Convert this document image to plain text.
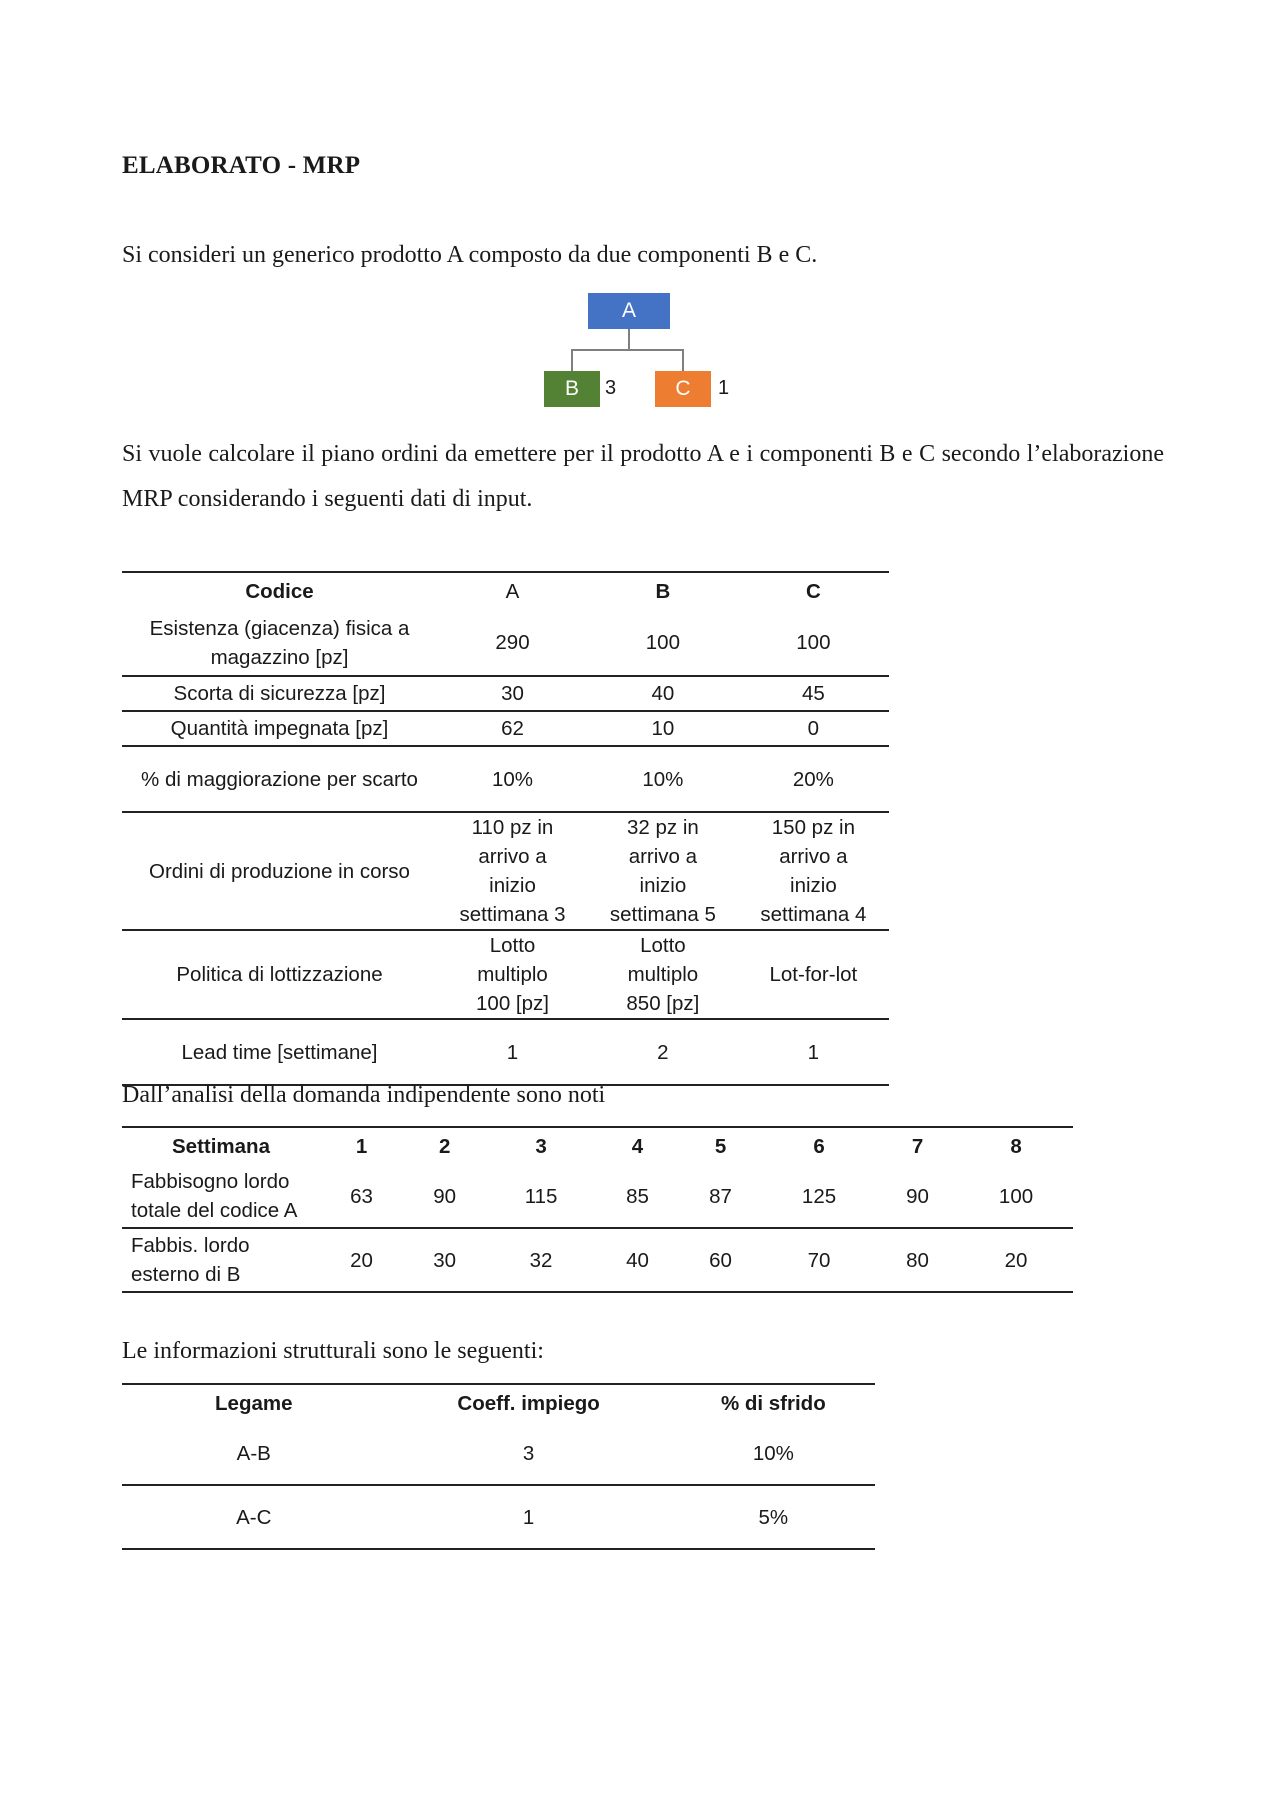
ELABORATO - MRP
Si consideri un generico prodotto A composto da due componenti B e C.
A
B	C
3	1
Si vuole calcolare il piano ordini da emettere per il prodotto A e i componenti B e C secondo l’elaborazione MRP considerando i seguenti dati di input.
Codice	A	B	C
Esistenza (giacenza) fisica a magazzino [pz]	290	100	100
Scorta di sicurezza [pz]	30	40	45
Quantità impegnata [pz]	62	10	0
% di maggiorazione per scarto	10%	10%	20%
Ordini di produzione in corso	110 pz in arrivo a inizio settimana 3	32 pz in arrivo a inizio settimana 5	150 pz in arrivo a inizio settimana 4
Politica di lottizzazione	Lotto multiplo 100 [pz]	Lotto multiplo 850 [pz]	Lot-for-lot
Lead time [settimane]	1	2	1
Dall’analisi della domanda indipendente sono noti
Settimana	1	2	3	4	5	6	7	8
Fabbisogno lordo totale del codice A	63	90	115	85	87	125	90	100
Fabbis. lordo esterno di B	20	30	32	40	60	70	80	20
Le informazioni strutturali sono le seguenti:
Legame	Coeff. impiego	% di sfrido
A-B	3	10%
A-C	1	5%
